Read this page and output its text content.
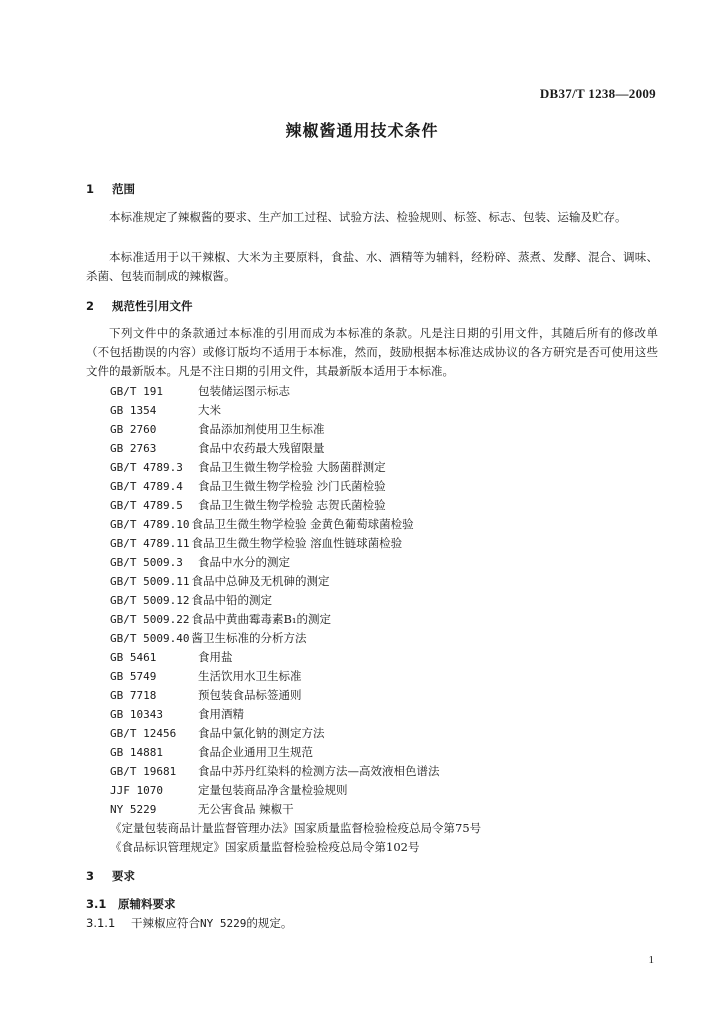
DB37/T 1238—2009
辣椒酱通用技术条件
1 范围

本标准规定了辣椒酱的要求、生产加工过程、试验方法、检验规则、标签、标志、包装、运输及贮存。

本标准适用于以干辣椒、大米为主要原料，食盐、水、酒精等为辅料，经粉碎、蒸煮、发酵、混合、调味、杀菌、包装而制成的辣椒酱。

2 规范性引用文件

下列文件中的条款通过本标准的引用而成为本标准的条款。凡是注日期的引用文件，其随后所有的修改单（不包括勘误的内容）或修订版均不适用于本标准，然而，鼓励根据本标准达成协议的各方研究是否可使用这些文件的最新版本。凡是不注日期的引用文件，其最新版本适用于本标准。

GB/T 191	包装储运图示标志
GB 1354	大米
GB 2760	食品添加剂使用卫生标准
GB 2763	食品中农药最大残留限量
GB/T 4789.3 食品卫生微生物学检验 大肠菌群测定
GB/T 4789.4 食品卫生微生物学检验 沙门氏菌检验
GB/T 4789.5 食品卫生微生物学检验 志贺氏菌检验
GB/T 4789.10 食品卫生微生物学检验 金黄色葡萄球菌检验
GB/T 4789.11 食品卫生微生物学检验 溶血性链球菌检验
GB/T 5009.3 食品中水分的测定
GB/T 5009.11 食品中总砷及无机砷的测定
GB/T 5009.12 食品中铅的测定
GB/T 5009.22 食品中黄曲霉毒素B₁的测定
GB/T 5009.40 酱卫生标准的分析方法
GB 5461	食用盐
GB 5749	生活饮用水卫生标准
GB 7718	预包装食品标签通则
GB 10343	食用酒精
GB/T 12456 食品中氯化钠的测定方法
GB 14881	食品企业通用卫生规范
GB/T 19681 食品中苏丹红染料的检测方法—高效液相色谱法
JJF 1070	定量包装商品净含量检验规则
NY 5229	无公害食品 辣椒干
《定量包装商品计量监督管理办法》国家质量监督检验检疫总局令第75号
《食品标识管理规定》国家质量监督检验检疫总局令第102号
3 要求
3.1 原辅料要求
3.1.1 干辣椒应符合NY 5229的规定。
1
